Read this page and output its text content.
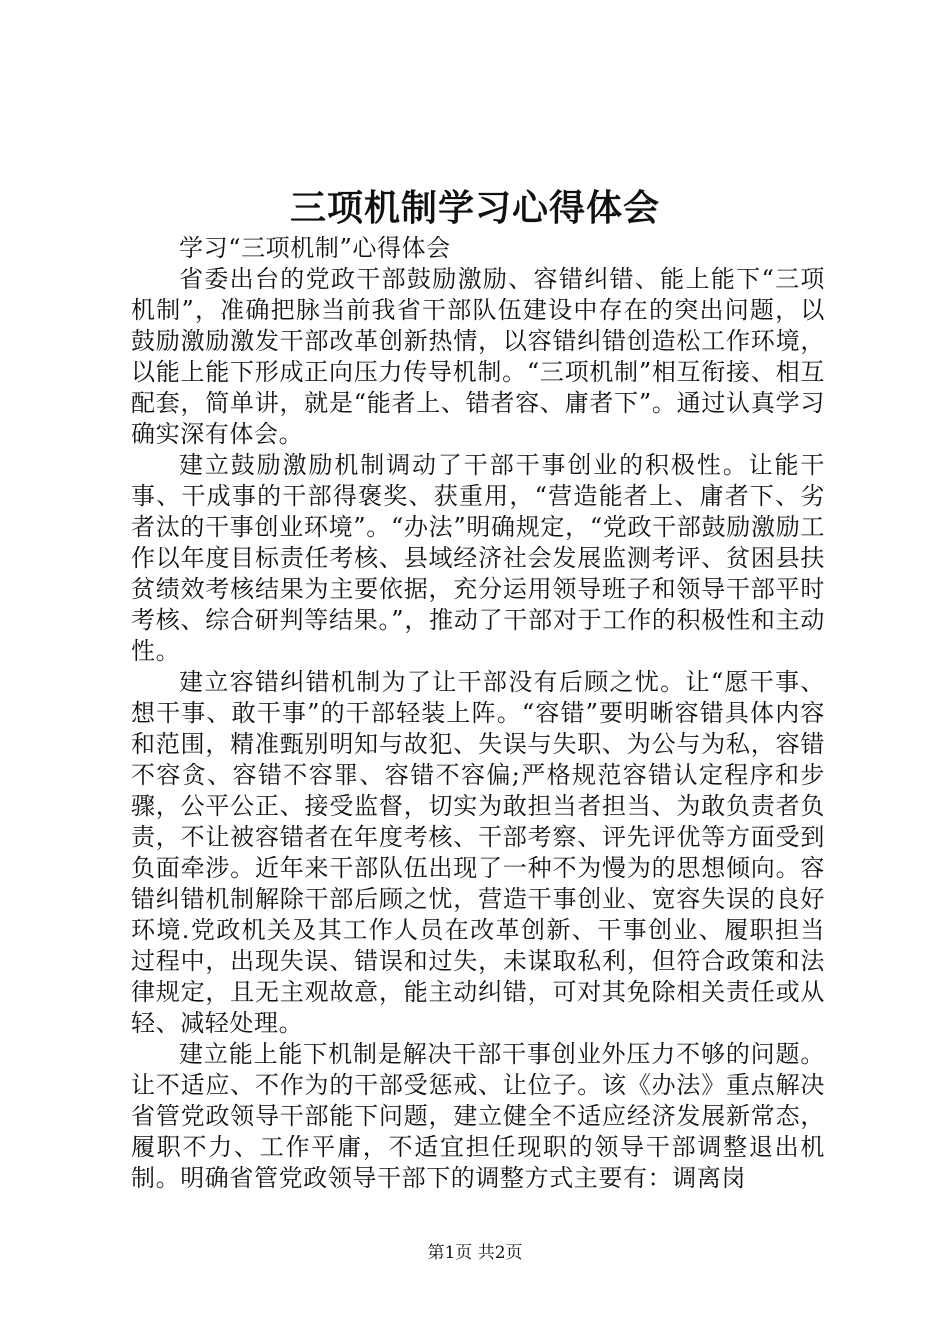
三项机制学习心得体会

学习“三项机制”心得体会

省委出台的党政干部鼓励激励、容错纠错、能上能下“三项机制”，准确把脉当前我省干部队伍建设中存在的突出问题，以鼓励激励激发干部改革创新热情，以容错纠错创造松工作环境，以能上能下形成正向压力传导机制。“三项机制”相互衔接、相互配套，简单讲，就是“能者上、错者容、庸者下”。通过认真学习确实深有体会。

建立鼓励激励机制调动了干部干事创业的积极性。让能干事、干成事的干部得褒奖、获重用，“营造能者上、庸者下、劣者汰的干事创业环境”。“办法”明确规定，“党政干部鼓励激励工作以年度目标责任考核、县域经济社会发展监测考评、贫困县扶贫绩效考核结果为主要依据，充分运用领导班子和领导干部平时考核、综合研判等结果。”，推动了干部对于工作的积极性和主动性。

建立容错纠错机制为了让干部没有后顾之忧。让“愿干事、想干事、敢干事”的干部轻装上阵。“容错”要明晰容错具体内容和范围，精准甄别明知与故犯、失误与失职、为公与为私，容错不容贪、容错不容罪、容错不容偏;严格规范容错认定程序和步骤，公平公正、接受监督，切实为敢担当者担当、为敢负责者负责，不让被容错者在年度考核、干部考察、评先评优等方面受到负面牵涉。近年来干部队伍出现了一种不为慢为的思想倾向。容错纠错机制解除干部后顾之忧，营造干事创业、宽容失误的良好环境.党政机关及其工作人员在改革创新、干事创业、履职担当过程中，出现失误、错误和过失，未谋取私利，但符合政策和法律规定，且无主观故意，能主动纠错，可对其免除相关责任或从轻、减轻处理。

建立能上能下机制是解决干部干事创业外压力不够的问题。让不适应、不作为的干部受惩戒、让位子。该《办法》重点解决省管党政领导干部能下问题，建立健全不适应经济发展新常态，履职不力、工作平庸，不适宜担任现职的领导干部调整退出机制。明确省管党政领导干部下的调整方式主要有：调离岗

第1页 共2页
